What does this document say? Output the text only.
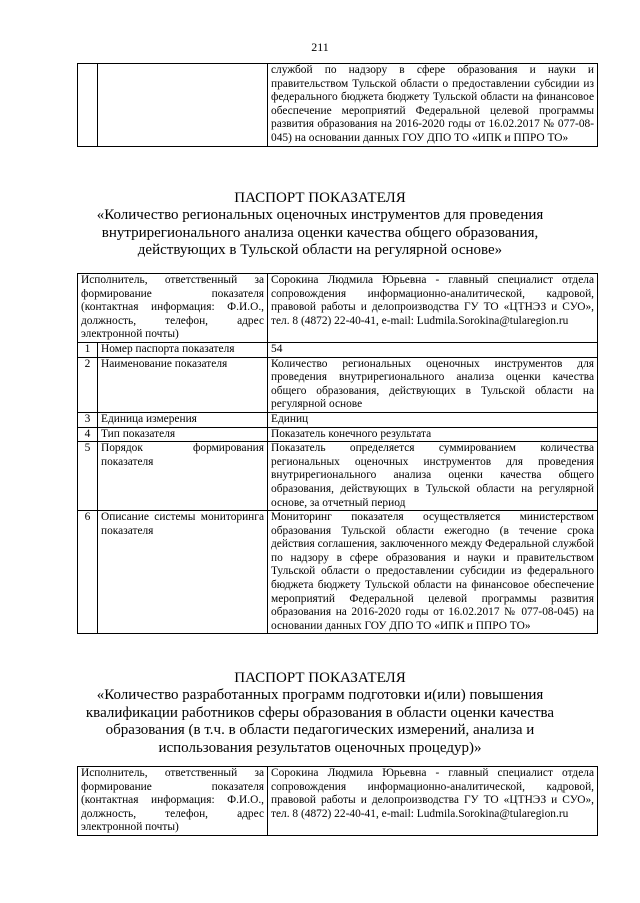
211
		службой по надзору в сфере образования и науки и правительством Тульской области о предоставлении субсидии из федерального бюджета бюджету Тульской области на финансовое обеспечение мероприятий Федеральной целевой программы развития образования на 2016-2020 годы от 16.02.2017 № 077-08-045) на основании данных ГОУ ДПО ТО «ИПК и ППРО ТО»
ПАСПОРТ ПОКАЗАТЕЛЯ
«Количество региональных оценочных инструментов для проведения внутрирегионального анализа оценки качества общего образования, действующих в Тульской области на регулярной основе»
Исполнитель, ответственный за формирование показателя (контактная информация: Ф.И.О., должность, телефон, адрес электронной почты)		Сорокина Людмила Юрьевна - главный специалист отдела сопровождения информационно-аналитической, кадровой, правовой работы и делопроизводства ГУ ТО «ЦТНЭЗ и СУО», тел. 8 (4872) 22-40-41, e-mail: Ludmila.Sorokina@tularegion.ru
1	Номер паспорта показателя	54
2	Наименование показателя	Количество региональных оценочных инструментов для проведения внутрирегионального анализа оценки качества общего образования, действующих в Тульской области на регулярной основе
3	Единица измерения	Единиц
4	Тип показателя	Показатель конечного результата
5	Порядок формирования показателя	Показатель определяется суммированием количества региональных оценочных инструментов для проведения внутрирегионального анализа оценки качества общего образования, действующих в Тульской области на регулярной основе, за отчетный период
6	Описание системы мониторинга показателя	Мониторинг показателя осуществляется министерством образования Тульской области ежегодно (в течение срока действия соглашения, заключенного между Федеральной службой по надзору в сфере образования и науки и правительством Тульской области о предоставлении субсидии из федерального бюджета бюджету Тульской области на финансовое обеспечение мероприятий Федеральной целевой программы развития образования на 2016-2020 годы от 16.02.2017 № 077-08-045) на основании данных ГОУ ДПО ТО «ИПК и ППРО ТО»
ПАСПОРТ ПОКАЗАТЕЛЯ
«Количество разработанных программ подготовки и(или) повышения квалификации работников сферы образования в области оценки качества образования (в т.ч. в области педагогических измерений, анализа и использования результатов оценочных процедур)»
Исполнитель, ответственный за формирование показателя (контактная информация: Ф.И.О., должность, телефон, адрес электронной почты)	Сорокина Людмила Юрьевна - главный специалист отдела сопровождения информационно-аналитической, кадровой, правовой работы и делопроизводства ГУ ТО «ЦТНЭЗ и СУО», тел. 8 (4872) 22-40-41, e-mail: Ludmila.Sorokina@tularegion.ru
